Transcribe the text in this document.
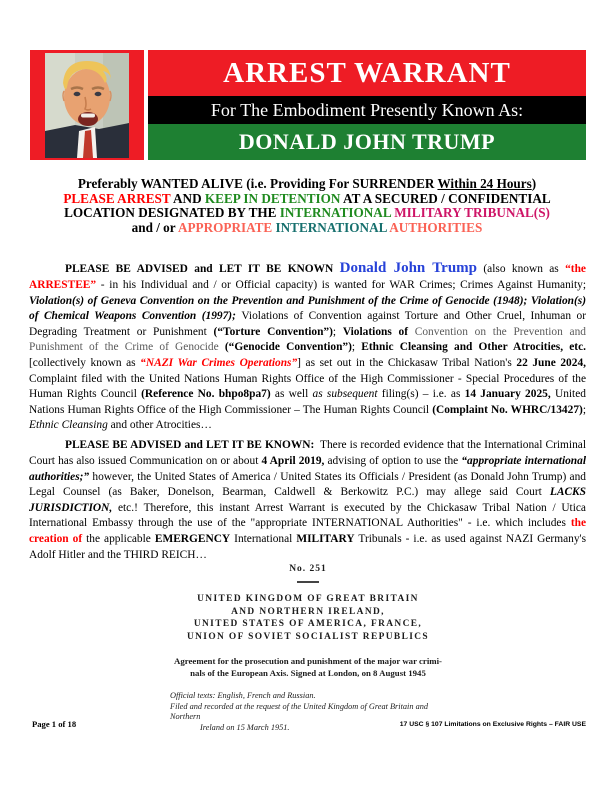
ARREST WARRANT
For The Embodiment Presently Known As:
DONALD JOHN TRUMP
Preferably WANTED ALIVE (i.e. Providing For SURRENDER Within 24 Hours)
PLEASE ARREST AND KEEP IN DETENTION AT A SECURED / CONFIDENTIAL
LOCATION DESIGNATED BY THE INTERNATIONAL MILITARY TRIBUNAL(S)
and / or APPROPRIATE INTERNATIONAL AUTHORITIES

PLEASE BE ADVISED and LET IT BE KNOWN Donald John Trump (also known as “the ARRESTEE” - in his Individual and / or Official capacity) is wanted for WAR Crimes; Crimes Against Humanity; Violation(s) of Geneva Convention on the Prevention and Punishment of the Crime of Genocide (1948); Violation(s) of Chemical Weapons Convention (1997); Violations of Convention against Torture and Other Cruel, Inhuman or Degrading Treatment or Punishment (“Torture Convention”); Violations of Convention on the Prevention and Punishment of the Crime of Genocide (“Genocide Convention”); Ethnic Cleansing and Other Atrocities, etc. [collectively known as “NAZI War Crimes Operations”] as set out in the Chickasaw Tribal Nation's 22 June 2024, Complaint filed with the United Nations Human Rights Office of the High Commissioner - Special Procedures of the Human Rights Council (Reference No. bhpo8pa7) as well as subsequent filing(s) – i.e. as 14 January 2025, United Nations Human Rights Office of the High Commissioner – The Human Rights Council (Complaint No. WHRC/13427); Ethnic Cleansing and other Atrocities…

PLEASE BE ADVISED and LET IT BE KNOWN: There is recorded evidence that the International Criminal Court has also issued Communication on or about 4 April 2019, advising of option to use the “appropriate international authorities;” however, the United States of America / United States its Officials / President (as Donald John Trump) and Legal Counsel (as Baker, Donelson, Bearman, Caldwell & Berkowitz P.C.) may allege said Court LACKS JURISDICTION, etc.! Therefore, this instant Arrest Warrant is executed by the Chickasaw Tribal Nation / Utica International Embassy through the use of the "appropriate INTERNATIONAL Authorities" - i.e. which includes the creation of the applicable EMERGENCY International MILITARY Tribunals - i.e. as used against NAZI Germany's Adolf Hitler and the THIRD REICH…

No. 251
UNITED KINGDOM OF GREAT BRITAIN
AND NORTHERN IRELAND,
UNITED STATES OF AMERICA, FRANCE,
UNION OF SOVIET SOCIALIST REPUBLICS
Agreement for the prosecution and punishment of the major war crimi-
nals of the European Axis. Signed at London, on 8 August 1945
Official texts: English, French and Russian.
Filed and recorded at the request of the United Kingdom of Great Britain and Northern
Ireland on 15 March 1951.
Page 1 of 18	17 USC § 107 Limitations on Exclusive Rights – FAIR USE
